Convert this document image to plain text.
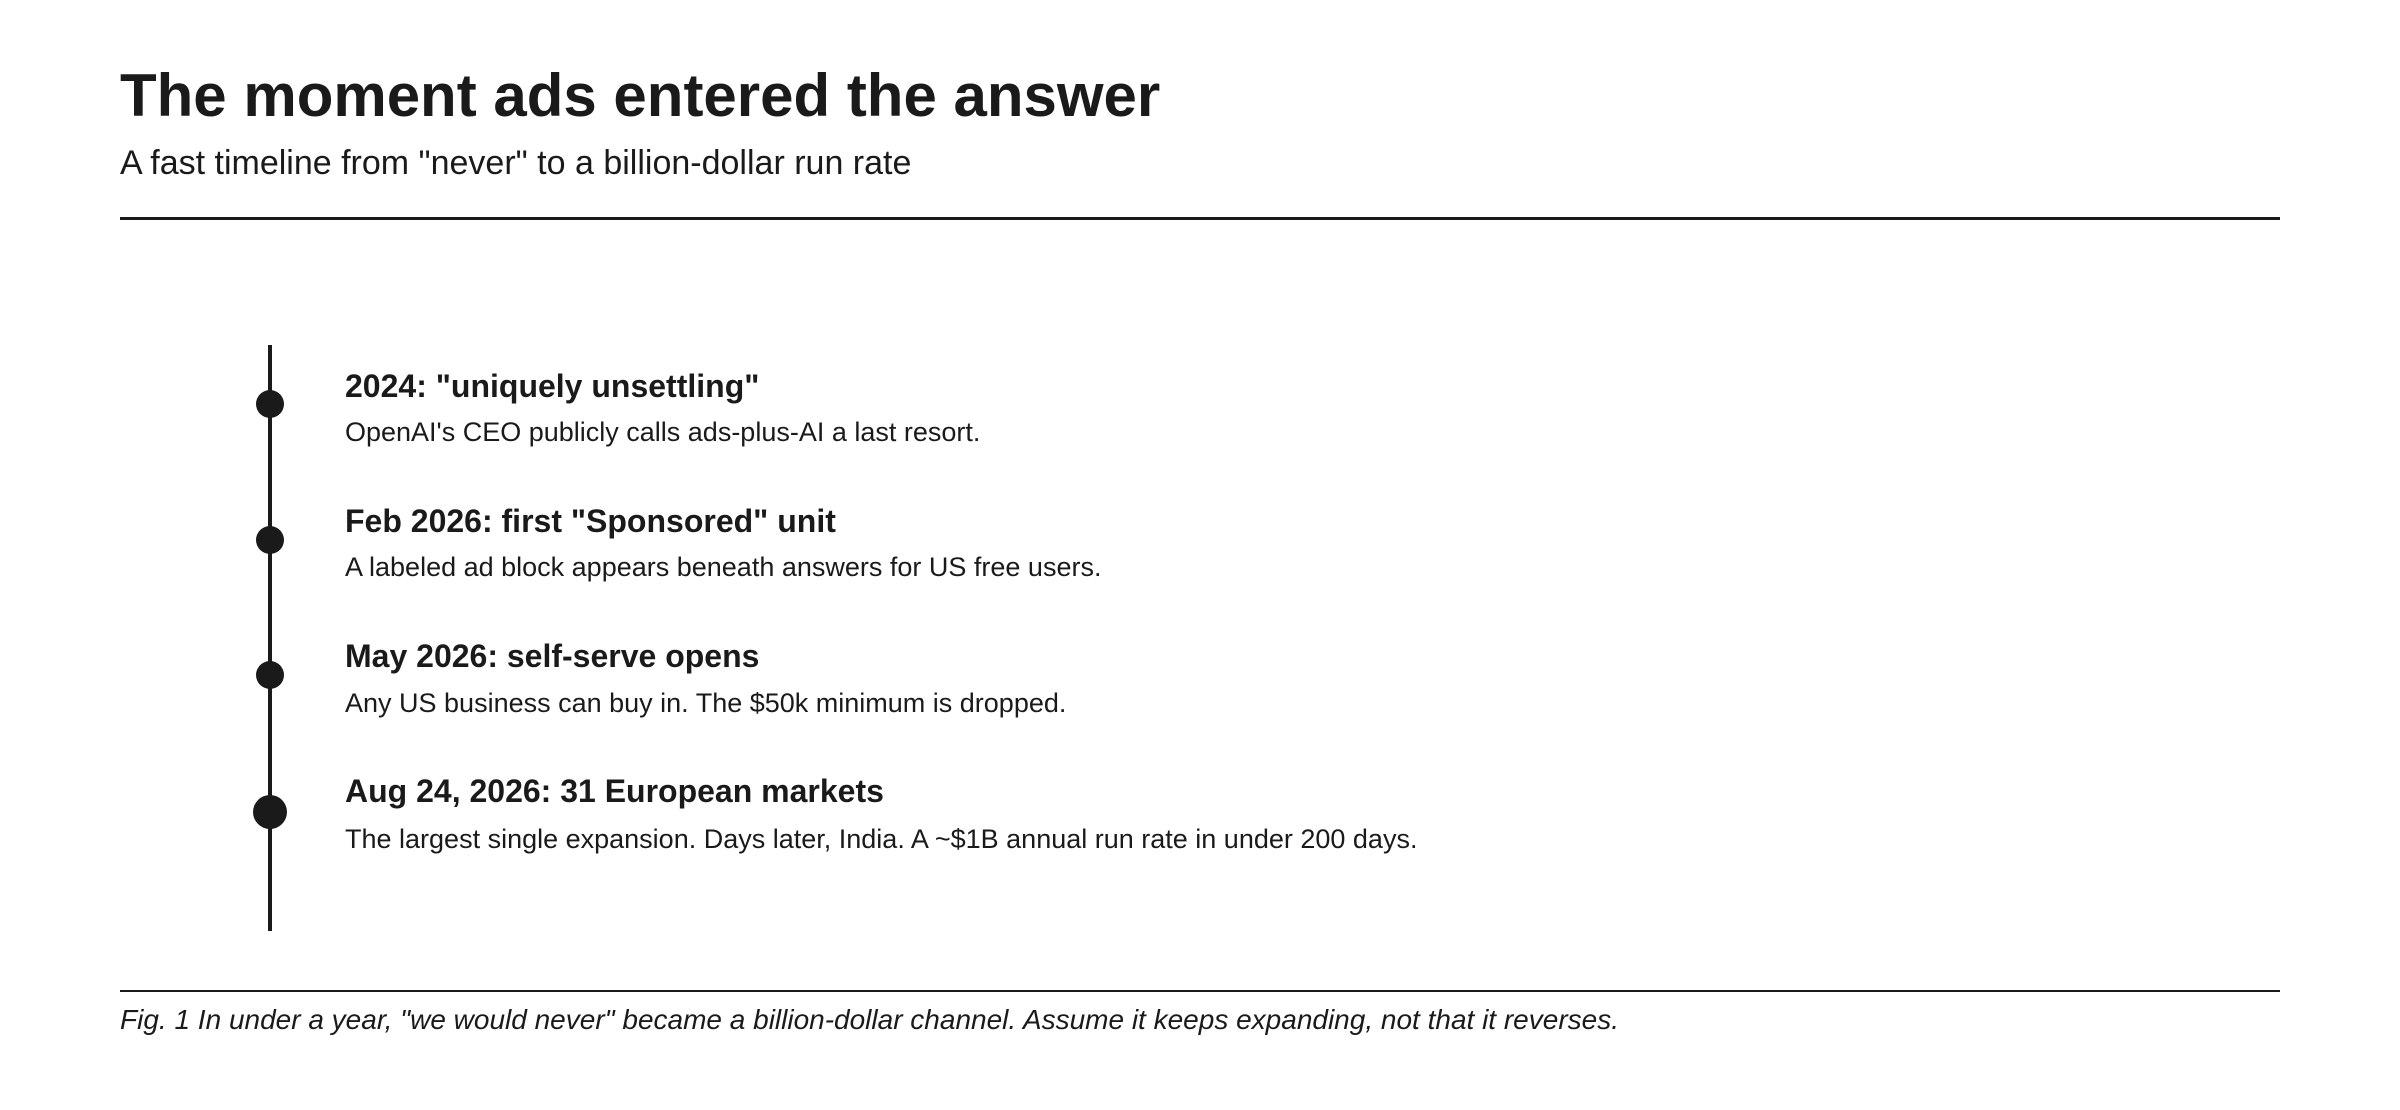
The moment ads entered the answer
A fast timeline from "never" to a billion-dollar run rate

2024: "uniquely unsettling"

OpenAI's CEO publicly calls ads-plus-AI a last resort.

Feb 2026: first "Sponsored" unit

A labeled ad block appears beneath answers for US free users.

May 2026: self-serve opens

Any US business can buy in. The $50k minimum is dropped.

Aug 24, 2026: 31 European markets

The largest single expansion. Days later, India. A ~$1B annual run rate in under 200 days.

Fig. 1 In under a year, "we would never" became a billion-dollar channel. Assume it keeps expanding, not that it reverses.
